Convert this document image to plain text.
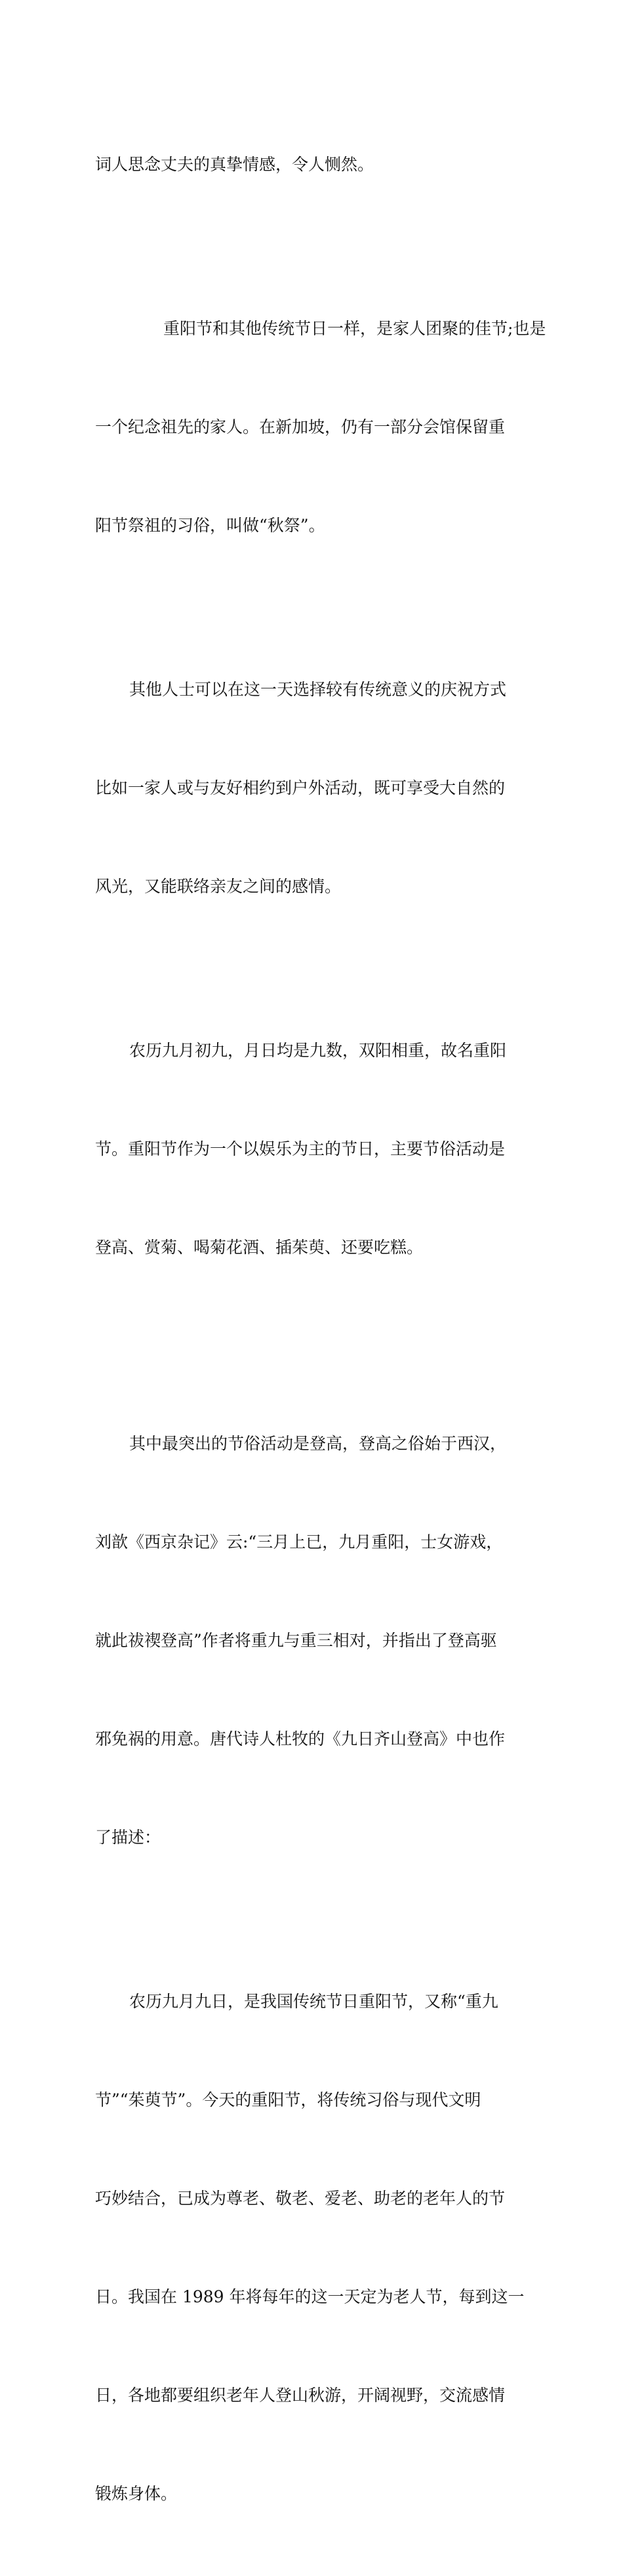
词人思念丈夫的真挚情感，令人恻然。

重阳节和其他传统节日一样，是家人团聚的佳节;也是

一个纪念祖先的家人。在新加坡，仍有一部分会馆保留重

阳节祭祖的习俗，叫做“秋祭”。

其他人士可以在这一天选择较有传统意义的庆祝方式

比如一家人或与友好相约到户外活动，既可享受大自然的

风光，又能联络亲友之间的感情。

农历九月初九，月日均是九数，双阳相重，故名重阳

节。重阳节作为一个以娱乐为主的节日，主要节俗活动是

登高、赏菊、喝菊花酒、插茱萸、还要吃糕。

其中最突出的节俗活动是登高，登高之俗始于西汉，

刘歆《西京杂记》云:“三月上已，九月重阳，士女游戏，

就此祓禊登高”作者将重九与重三相对，并指出了登高驱

邪免祸的用意。唐代诗人杜牧的《九日齐山登高》中也作

了描述：

农历九月九日，是我国传统节日重阳节，又称“重九

节”“茱萸节”。今天的重阳节，将传统习俗与现代文明

巧妙结合，已成为尊老、敬老、爱老、助老的老年人的节

日。我国在 1989 年将每年的这一天定为老人节，每到这一

日，各地都要组织老年人登山秋游，开阔视野，交流感情

锻炼身体。
